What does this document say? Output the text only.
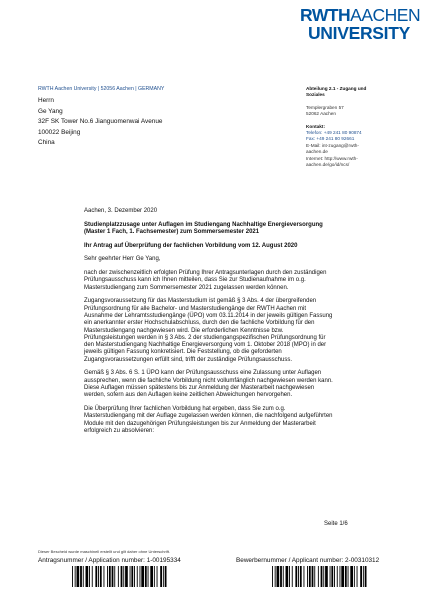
RWTHAACHEN
UNIVERSITY
RWTH Aachen University | 52056 Aachen | GERMANY
Herrn
Ge Yang
32F SK Tower No.6 Jianguomenwai Avenue
100022 Beijing
China
Abteilung 2.1 - Zugang und
Soziales
Templergraben 57
52062 Aachen
Kontakt:
Telefon: +49 241 80 90874
Fax: +49 241 80 92661
E-Mail: int-zugang@rwth-
aachen.de
Internet: http://www.rwth-
aachen.de/go/id/ncs/

Aachen, 3. Dezember 2020

Studienplatzzusage unter Auflagen im Studiengang Nachhaltige Energieversorgung (Master 1 Fach, 1. Fachsemester) zum Sommersemester 2021

Ihr Antrag auf Überprüfung der fachlichen Vorbildung vom 12. August 2020

Sehr geehrter Herr Ge Yang,

nach der zwischenzeitlich erfolgten Prüfung Ihrer Antragsunterlagen durch den zuständigen Prüfungsausschuss kann ich Ihnen mitteilen, dass Sie zur Studienaufnahme im o.g. Masterstudiengang zum Sommersemester 2021 zugelassen werden können.

Zugangsvoraussetzung für das Masterstudium ist gemäß § 3 Abs. 4 der übergreifenden Prüfungsordnung für alle Bachelor- und Masterstudiengänge der RWTH Aachen mit Ausnahme der Lehramtsstudiengänge (ÜPO) vom 03.11.2014 in der jeweils gültigen Fassung ein anerkannter erster Hochschulabschluss, durch den die fachliche Vorbildung für den Masterstudiengang nachgewiesen wird. Die erforderlichen Kenntnisse bzw. Prüfungsleistungen werden in § 3 Abs. 2 der studiengangspezifischen Prüfungsordnung für den Masterstudiengang Nachhaltige Energieversorgung vom 1. Oktober 2018 (MPO) in der jeweils gültigen Fassung konkretisiert. Die Feststellung, ob die geforderten Zugangsvoraussetzungen erfüllt sind, trifft der zuständige Prüfungsausschuss.

Gemäß § 3 Abs. 6 S. 1 ÜPO kann der Prüfungsausschuss eine Zulassung unter Auflagen aussprechen, wenn die fachliche Vorbildung nicht vollumfänglich nachgewiesen werden kann. Diese Auflagen müssen spätestens bis zur Anmeldung der Masterarbeit nachgewiesen werden, sofern aus den Auflagen keine zeitlichen Abweichungen hervorgehen.

Die Überprüfung Ihrer fachlichen Vorbildung hat ergeben, dass Sie zum o.g. Masterstudiengang mit der Auflage zugelassen werden können, die nachfolgend aufgeführten Module mit den dazugehörigen Prüfungsleistungen bis zur Anmeldung der Masterarbeit erfolgreich zu absolvieren:

Seite 1/6
Dieser Bescheid wurde maschinell erstellt und gilt daher ohne Unterschrift.
Antragsnummer / Application number: 1-00195334	Bewerbernummer / Applicant number: 2-00310312
